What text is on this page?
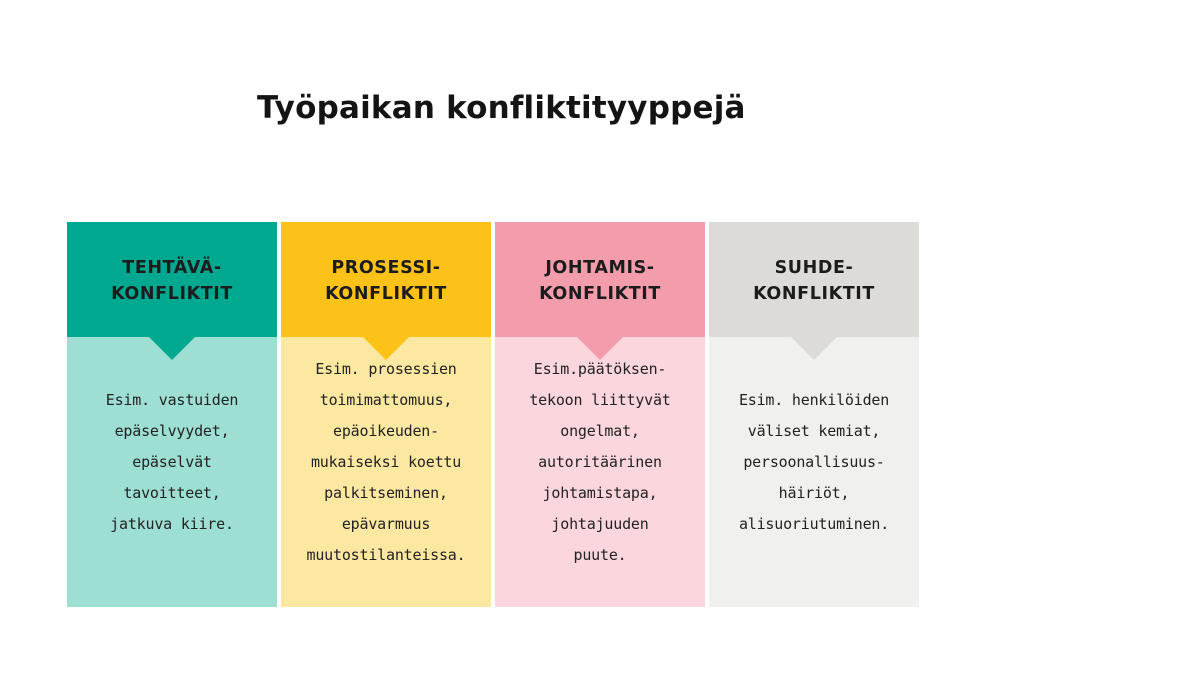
Työpaikan konfliktityyppejä
Esim. vastuiden
epäselvyydet,
epäselvät
tavoitteet,
jatkuva kiire.
TEHTÄVÄ-
KONFLIKTIT
Esim. prosessien
toimimattomuus,
epäoikeuden-
mukaiseksi koettu
palkitseminen,
epävarmuus
muutostilanteissa.
PROSESSI-
KONFLIKTIT
Esim.päätöksen-
tekoon liittyvät
ongelmat,
autoritäärinen
johtamistapa,
johtajuuden
puute.
JOHTAMIS-
KONFLIKTIT
Esim. henkilöiden
väliset kemiat,
persoonallisuus-
häiriöt,
alisuoriutuminen.
SUHDE-
KONFLIKTIT
